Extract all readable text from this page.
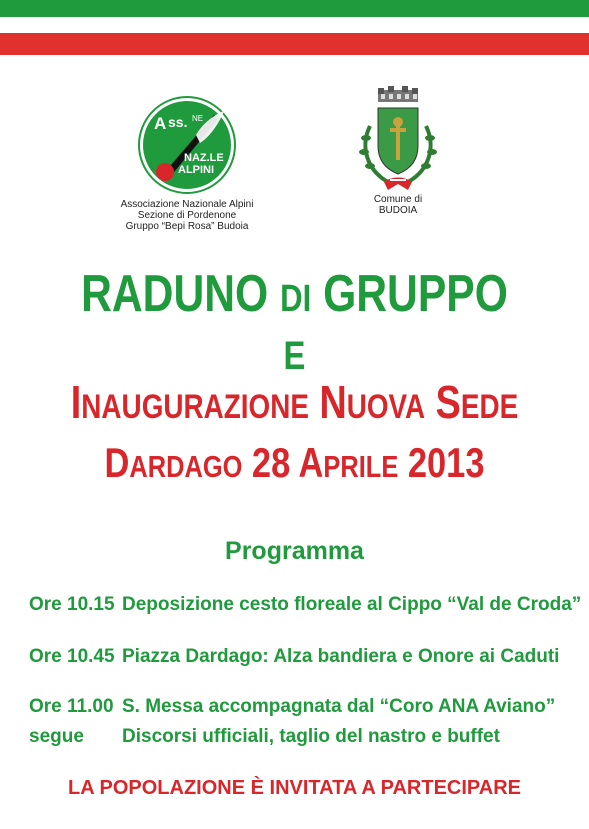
A ss. NE
NAZ.LE
ALPINI
Associazione Nazionale Alpini
Sezione di Pordenone
Gruppo “Bepi Rosa” Budoia
Comune di
BUDOIA
RADUNO DI GRUPPO
E
INAUGURAZIONE NUOVA SEDE
DARDAGO 28 APRILE 2013
Programma
Ore 10.15 Deposizione cesto floreale al Cippo “Val de Croda”
Ore 10.45 Piazza Dardago: Alza bandiera e Onore ai Caduti
Ore 11.00 S. Messa accompagnata dal “Coro ANA Aviano”
segue Discorsi ufficiali, taglio del nastro e buffet
LA POPOLAZIONE È INVITATA A PARTECIPARE
